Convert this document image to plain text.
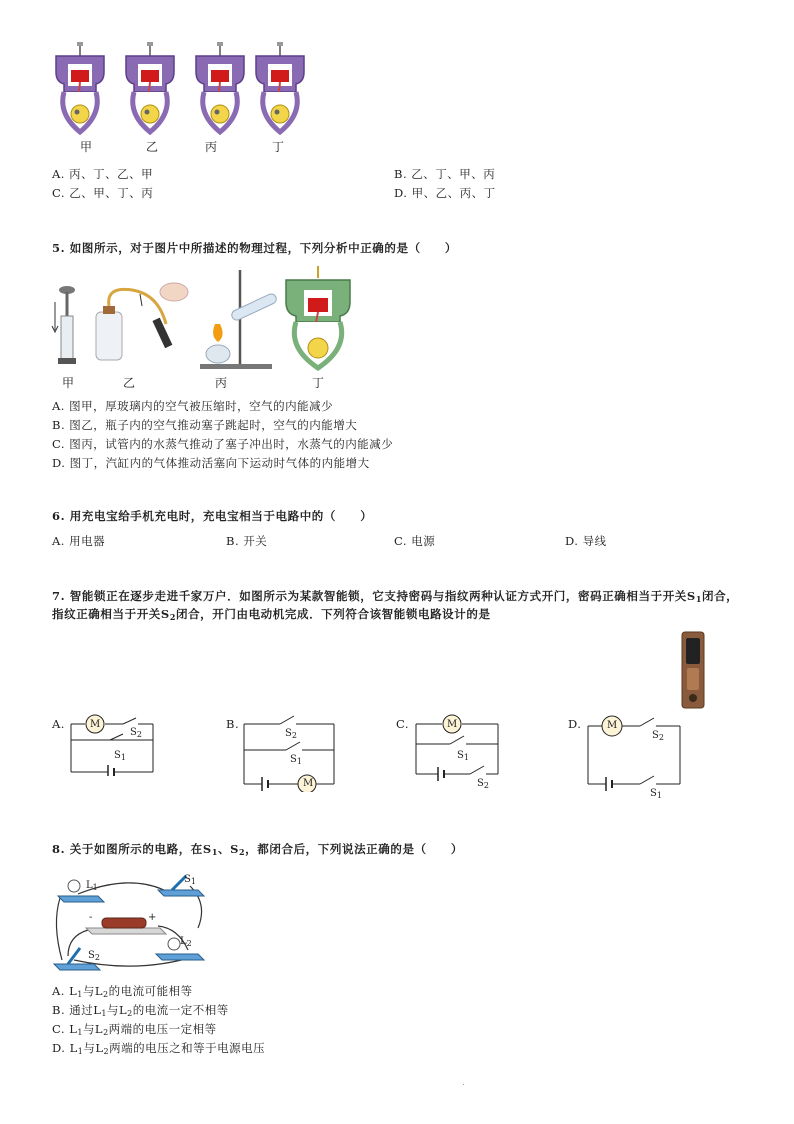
甲	乙	丙	丁
A. 丙、丁、乙、甲	B. 乙、丁、甲、丙
C. 乙、甲、丁、丙	D. 甲、乙、丙、丁
5. 如图所示，对于图片中所描述的物理过程，下列分析中正确的是（　　）
甲	乙	丙	丁
A. 图甲，厚玻璃内的空气被压缩时，空气的内能减少
B. 图乙，瓶子内的空气推动塞子跳起时，空气的内能增大
C. 图丙，试管内的水蒸气推动了塞子冲出时，水蒸气的内能减少
D. 图丁，汽缸内的气体推动活塞向下运动时气体的内能增大
6. 用充电宝给手机充电时，充电宝相当于电路中的（　　）
A. 用电器	B. 开关	C. 电源	D. 导线
7. 智能锁正在逐步走进千家万户．如图所示为某款智能锁，它支持密码与指纹两种认证方式开门，密码正确相当于开关$S_1$闭合，
指纹正确相当于开关$S_2$闭合，开门由电动机完成．下列符合该智能锁电路设计的是
A.	M
$S_2$
$S_1$
B.
$S_2$
$S_1$
M
C.	M
$S_1$
$S_2$
D.	M
$S_2$
$S_1$
8. 关于如图所示的电路，在$S_1$、$S_2$，都闭合后，下列说法正确的是（　　）
$L_1$
$S_1$
-	+
$S_2$
$L_2$
A. $L_1$与$L_2$的电流可能相等
B. 通过$L_1$与$L_2$的电流一定不相等
C. $L_1$与$L_2$两端的电压一定相等
D. $L_1$与$L_2$两端的电压之和等于电源电压
.
